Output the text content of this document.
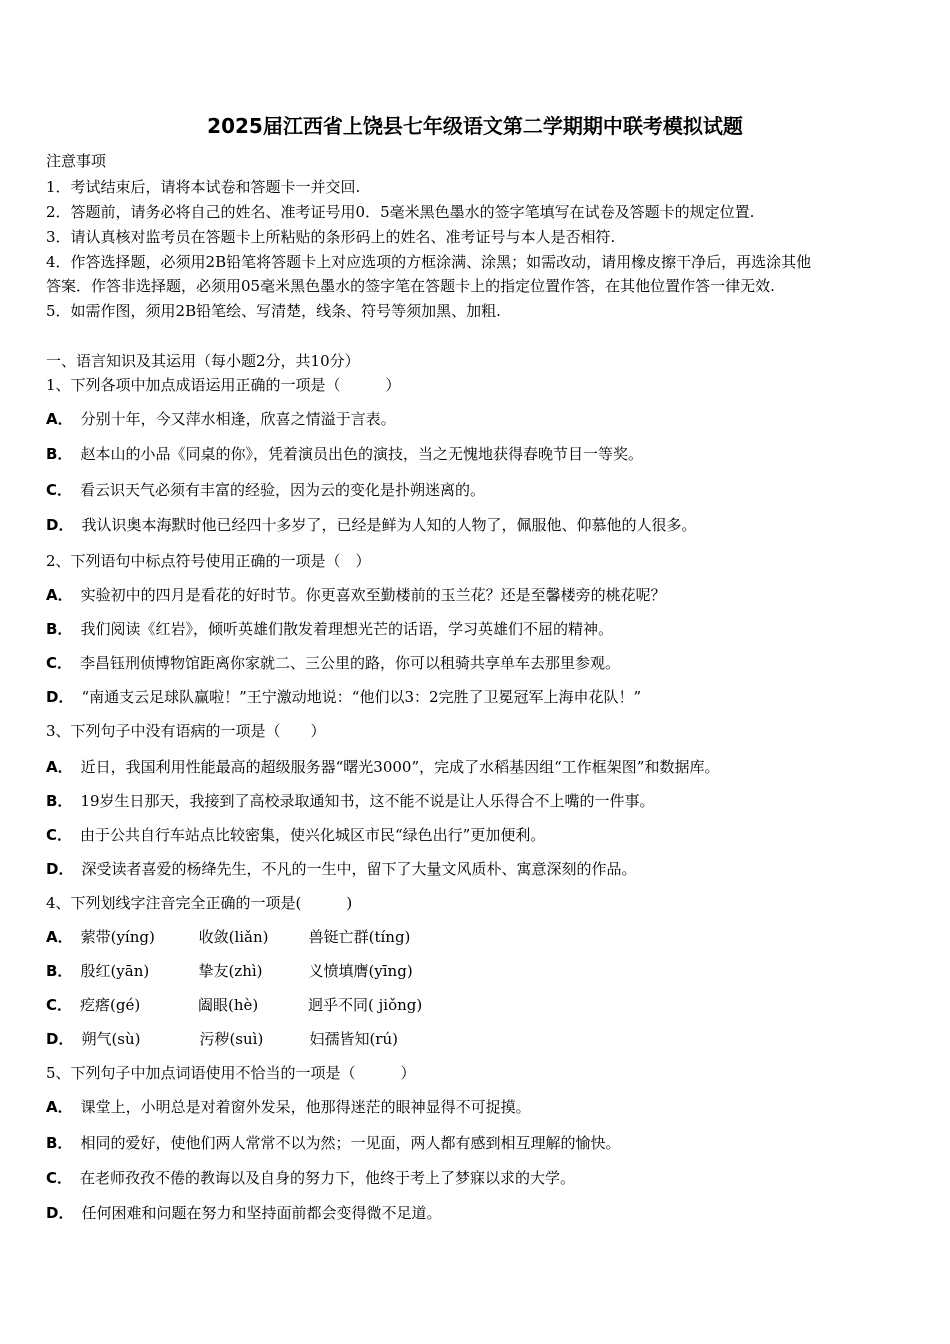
2025届江西省上饶县七年级语文第二学期期中联考模拟试题
注意事项
1．考试结束后，请将本试卷和答题卡一并交回.
2．答题前，请务必将自己的姓名、准考证号用0．5毫米黑色墨水的签字笔填写在试卷及答题卡的规定位置.
3．请认真核对监考员在答题卡上所粘贴的条形码上的姓名、准考证号与本人是否相符.
4．作答选择题，必须用2B铅笔将答题卡上对应选项的方框涂满、涂黑；如需改动，请用橡皮擦干净后，再选涂其他
答案．作答非选择题，必须用05毫米黑色墨水的签字笔在答题卡上的指定位置作答，在其他位置作答一律无效.
5．如需作图，须用2B铅笔绘、写清楚，线条、符号等须加黑、加粗.
一、语言知识及其运用（每小题2分，共10分）
1、下列各项中加点成语运用正确的一项是（　　　）
A． 分别十年，今又萍水相逢，欣喜之情溢于言表。
B． 赵本山的小品《同桌的你》，凭着演员出色的演技，当之无愧地获得春晚节目一等奖。
C． 看云识天气必须有丰富的经验，因为云的变化是扑朔迷离的。
D． 我认识奥本海默时他已经四十多岁了，已经是鲜为人知的人物了，佩服他、仰慕他的人很多。
2、下列语句中标点符号使用正确的一项是（　）
A． 实验初中的四月是看花的好时节。你更喜欢至勤楼前的玉兰花？还是至馨楼旁的桃花呢？
B． 我们阅读《红岩》，倾听英雄们散发着理想光芒的话语，学习英雄们不屈的精神。
C． 李昌钰刑侦博物馆距离你家就二、三公里的路，你可以租骑共享单车去那里参观。
D． “南通支云足球队赢啦！”王宁激动地说：“他们以3：2完胜了卫冕冠军上海申花队！”
3、下列句子中没有语病的一项是（　　）
A． 近日，我国利用性能最高的超级服务器“曙光3000”，完成了水稻基因组“工作框架图”和数据库。
B． 19岁生日那天，我接到了高校录取通知书，这不能不说是让人乐得合不上嘴的一件事。
C． 由于公共自行车站点比较密集，使兴化城区市民“绿色出行”更加便利。
D． 深受读者喜爱的杨绛先生，不凡的一生中，留下了大量文风质朴、寓意深刻的作品。
4、下列划线字注音完全正确的一项是(　　　)
A． 萦带(yíng)	收敛(liǎn)	兽铤亡群(tíng)
B． 殷红(yān)	挚友(zhì)	义愤填膺(yīng)
C． 疙瘩(gé)	阖眼(hè)	迥乎不同( jiǒng)
D． 朔气(sù)	污秽(suì)	妇孺皆知(rú)
5、下列句子中加点词语使用不恰当的一项是（　　　）
A． 课堂上，小明总是对着窗外发呆，他那得迷茫的眼神显得不可捉摸。
B． 相同的爱好，使他们两人常常不以为然；一见面，两人都有感到相互理解的愉快。
C． 在老师孜孜不倦的教诲以及自身的努力下，他终于考上了梦寐以求的大学。
D． 任何困难和问题在努力和坚持面前都会变得微不足道。
